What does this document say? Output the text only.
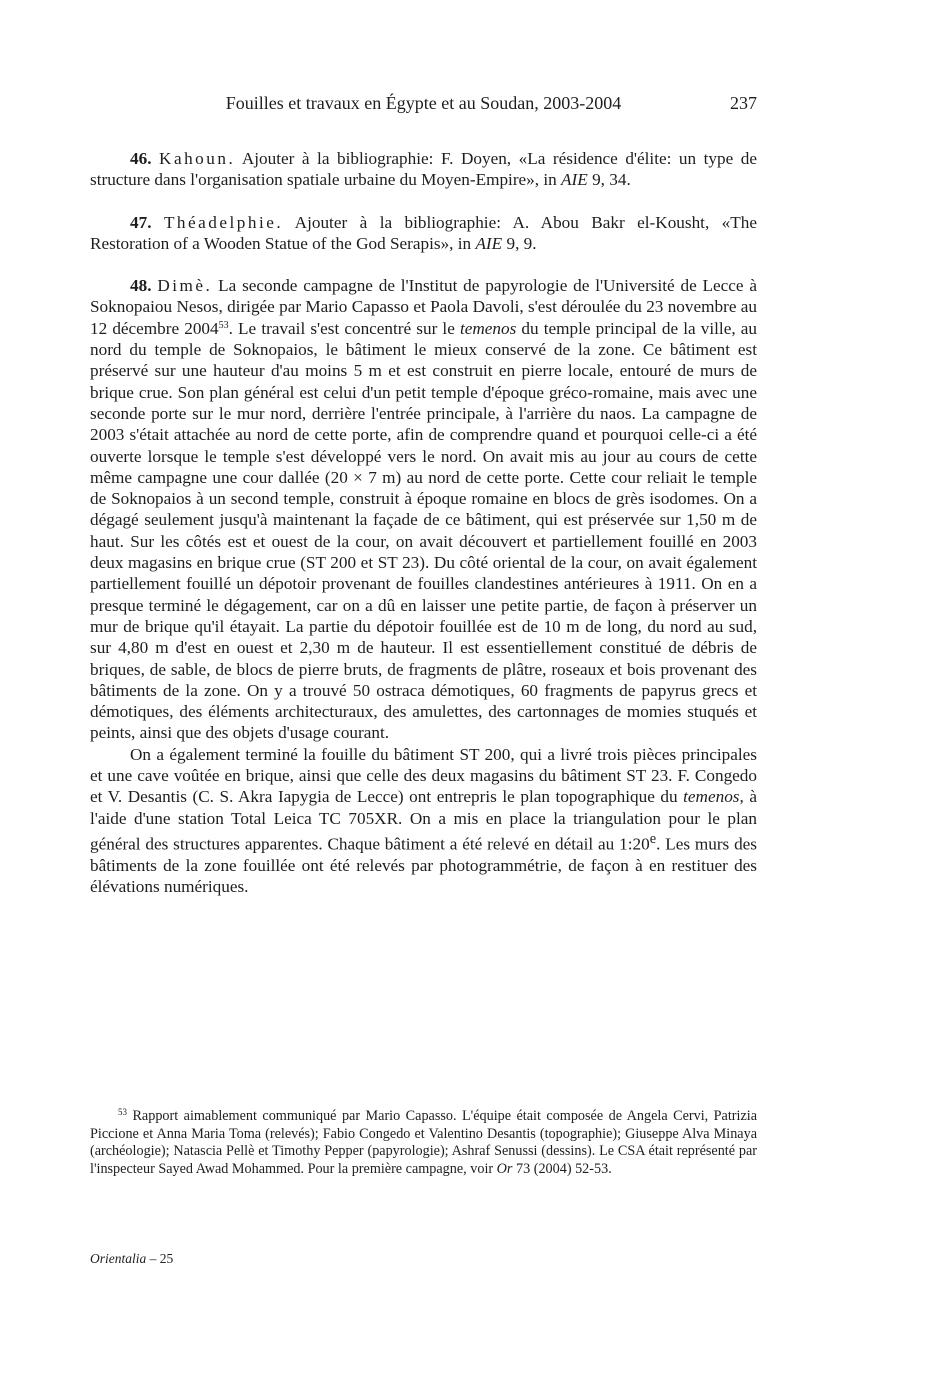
Fouilles et travaux en Égypte et au Soudan, 2003-2004	237

46. Kahoun. Ajouter à la bibliographie: F. Doyen, «La résidence d'élite: un type de structure dans l'organisation spatiale urbaine du Moyen-Empire», in AIE 9, 34.

47. Théadelphie. Ajouter à la bibliographie: A. Abou Bakr el-Kousht, «The Restoration of a Wooden Statue of the God Serapis», in AIE 9, 9.

48. Dimè. La seconde campagne de l'Institut de papyrologie de l'Université de Lecce à Soknopaiou Nesos, dirigée par Mario Capasso et Paola Davoli, s'est déroulée du 23 novembre au 12 décembre 2004$^{53}$. Le travail s'est concentré sur le temenos du temple principal de la ville, au nord du temple de Soknopaios, le bâtiment le mieux conservé de la zone. Ce bâtiment est préservé sur une hauteur d'au moins 5 m et est construit en pierre locale, entouré de murs de brique crue. Son plan général est celui d'un petit temple d'époque gréco-romaine, mais avec une seconde porte sur le mur nord, derrière l'entrée principale, à l'arrière du naos. La campagne de 2003 s'était attachée au nord de cette porte, afin de comprendre quand et pourquoi celle-ci a été ouverte lorsque le temple s'est développé vers le nord. On avait mis au jour au cours de cette même campagne une cour dallée (20 × 7 m) au nord de cette porte. Cette cour reliait le temple de Soknopaios à un second temple, construit à époque romaine en blocs de grès isodomes. On a dégagé seulement jusqu'à maintenant la façade de ce bâtiment, qui est préservée sur 1,50 m de haut. Sur les côtés est et ouest de la cour, on avait découvert et partiellement fouillé en 2003 deux magasins en brique crue (ST 200 et ST 23). Du côté oriental de la cour, on avait également partiellement fouillé un dépotoir provenant de fouilles clandestines antérieures à 1911. On en a presque terminé le dégagement, car on a dû en laisser une petite partie, de façon à préserver un mur de brique qu'il étayait. La partie du dépotoir fouillée est de 10 m de long, du nord au sud, sur 4,80 m d'est en ouest et 2,30 m de hauteur. Il est essentiellement constitué de débris de briques, de sable, de blocs de pierre bruts, de fragments de plâtre, roseaux et bois provenant des bâtiments de la zone. On y a trouvé 50 ostraca démotiques, 60 fragments de papyrus grecs et démotiques, des éléments architecturaux, des amulettes, des cartonnages de momies stuqués et peints, ainsi que des objets d'usage courant.

On a également terminé la fouille du bâtiment ST 200, qui a livré trois pièces principales et une cave voûtée en brique, ainsi que celle des deux magasins du bâtiment ST 23. F. Congedo et V. Desantis (C. S. Akra Iapygia de Lecce) ont entrepris le plan topographique du temenos, à l'aide d'une station Total Leica TC 705XR. On a mis en place la triangulation pour le plan général des structures apparentes. Chaque bâtiment a été relevé en détail au 1:20e. Les murs des bâtiments de la zone fouillée ont été relevés par photogrammétrie, de façon à en restituer des élévations numériques.

$^{53}$ Rapport aimablement communiqué par Mario Capasso. L'équipe était composée de Angela Cervi, Patrizia Piccione et Anna Maria Toma (relevés); Fabio Congedo et Valentino Desantis (topographie); Giuseppe Alva Minaya (archéologie); Natascia Pellè et Timothy Pepper (papyrologie); Ashraf Senussi (dessins). Le CSA était représenté par l'inspecteur Sayed Awad Mohammed. Pour la première campagne, voir Or 73 (2004) 52-53.

Orientalia – 25
